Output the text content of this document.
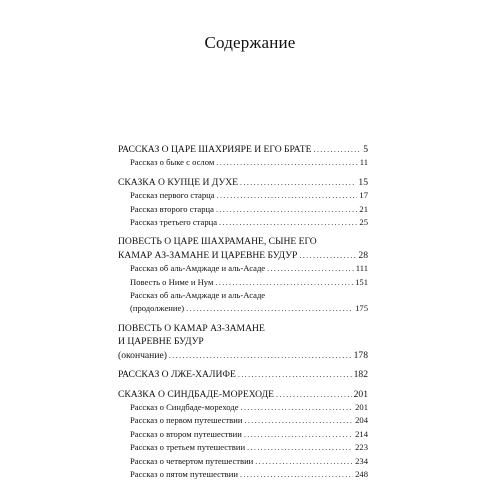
Содержание
РАССКАЗ О ЦАРЕ ШАХРИЯРЕ И ЕГО БРАТЕ .....	5
Рассказ о быке с ослом .....	11
СКАЗКА О КУПЦЕ И ДУХЕ .....	15
Рассказ первого старца .....	17
Рассказ второго старца .....	21
Рассказ третьего старца .....	25
ПОВЕСТЬ О ЦАРЕ ШАХРАМАНЕ, СЫНЕ ЕГО
КАМАР АЗ-ЗАМАНЕ И ЦАРЕВНЕ БУДУР .....	28
Рассказ об аль-Амджаде и аль-Асаде .....	111
Повесть о Ниме и Нум .....	151
Рассказ об аль-Амджаде и аль-Асаде
(продолжение) .....	175
ПОВЕСТЬ О КАМАР АЗ-ЗАМАНЕ
И ЦАРЕВНЕ БУДУР
(окончание) .....	178
РАССКАЗ О ЛЖЕ-ХАЛИФЕ .....	182
СКАЗКА О СИНДБАДЕ-МОРЕХОДЕ .....	201
Рассказ о Синдбаде-мореходе .....	201
Рассказ о первом путешествии .....	204
Рассказ о втором путешествии .....	214
Рассказ о третьем путешествии .....	223
Рассказ о четвертом путешествии .....	234
Рассказ о пятом путешествии .....	248
